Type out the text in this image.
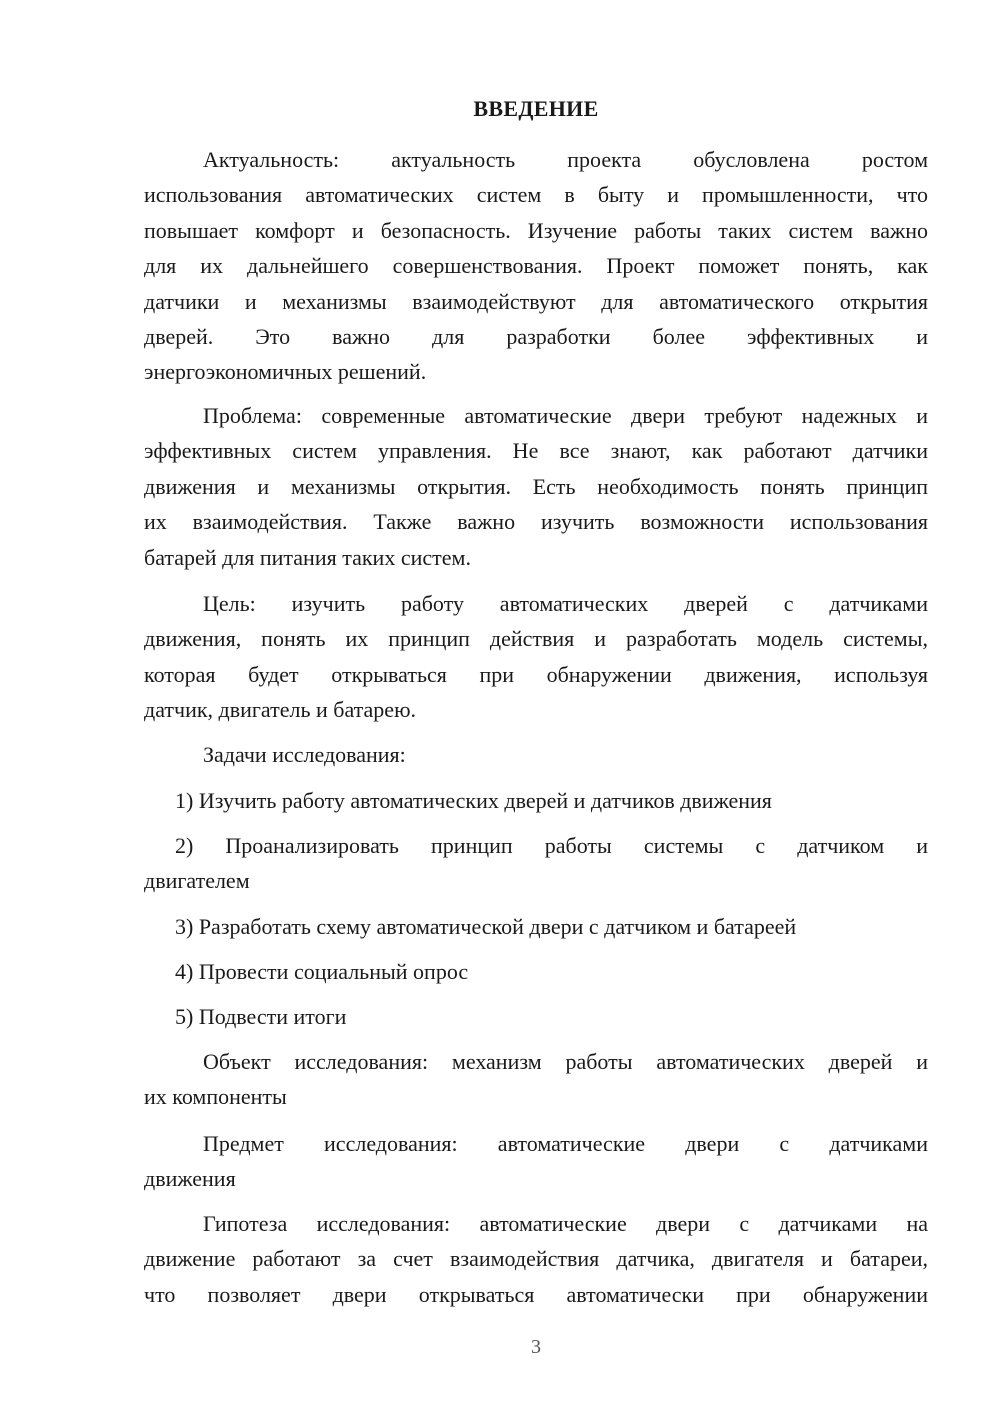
ВВЕДЕНИЕ
Актуальность: актуальность проекта обусловлена ростом
использования автоматических систем в быту и промышленности, что
повышает комфорт и безопасность. Изучение работы таких систем важно
для их дальнейшего совершенствования. Проект поможет понять, как
датчики и механизмы взаимодействуют для автоматического открытия
дверей. Это важно для разработки более эффективных и
энергоэкономичных решений.
Проблема: современные автоматические двери требуют надежных и
эффективных систем управления. Не все знают, как работают датчики
движения и механизмы открытия. Есть необходимость понять принцип
их взаимодействия. Также важно изучить возможности использования
батарей для питания таких систем.
Цель: изучить работу автоматических дверей с датчиками
движения, понять их принцип действия и разработать модель системы,
которая будет открываться при обнаружении движения, используя
датчик, двигатель и батарею.
Задачи исследования:
1) Изучить работу автоматических дверей и датчиков движения
2) Проанализировать принцип работы системы с датчиком и
двигателем
3) Разработать схему автоматической двери с датчиком и батареей
4) Провести социальный опрос
5) Подвести итоги
Объект исследования: механизм работы автоматических дверей и
их компоненты
Предмет исследования: автоматические двери с датчиками
движения
Гипотеза исследования: автоматические двери с датчиками на
движение работают за счет взаимодействия датчика, двигателя и батареи,
что позволяет двери открываться автоматически при обнаружении
3
